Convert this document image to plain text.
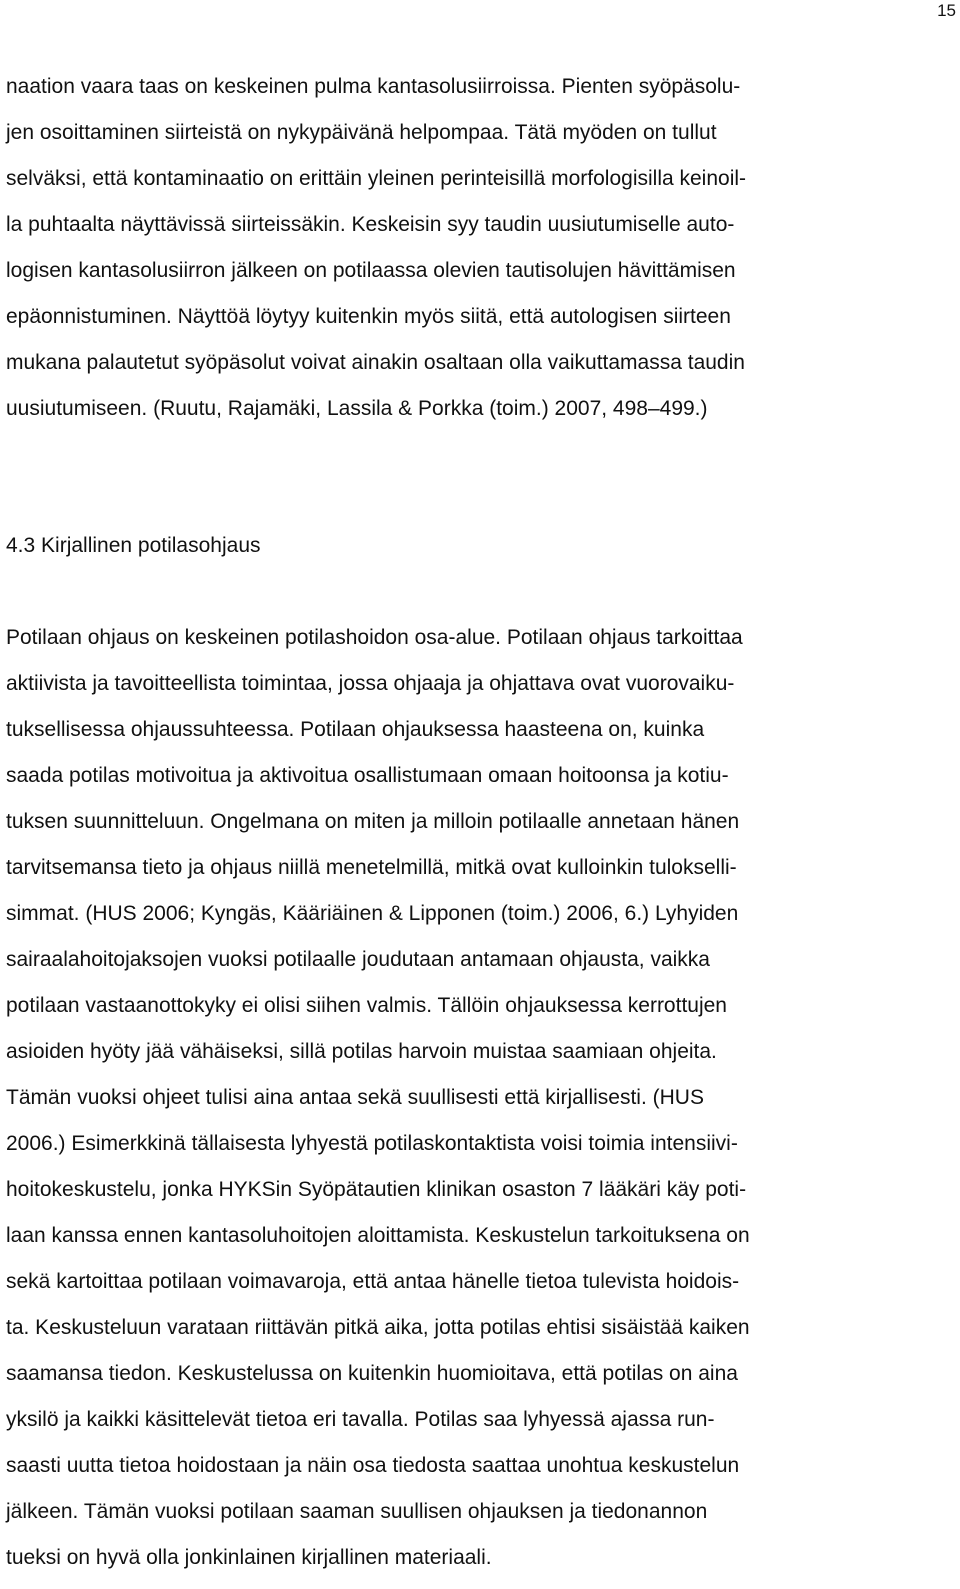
15
naation vaara taas on keskeinen pulma kantasolusiirroissa. Pienten syöpäsolu-
jen osoittaminen siirteistä on nykypäivänä helpompaa. Tätä myöden on tullut
selväksi, että kontaminaatio on erittäin yleinen perinteisillä morfologisilla keinoil-
la puhtaalta näyttävissä siirteissäkin. Keskeisin syy taudin uusiutumiselle auto-
logisen kantasolusiirron jälkeen on potilaassa olevien tautisolujen hävittämisen
epäonnistuminen. Näyttöä löytyy kuitenkin myös siitä, että autologisen siirteen
mukana palautetut syöpäsolut voivat ainakin osaltaan olla vaikuttamassa taudin
uusiutumiseen. (Ruutu, Rajamäki, Lassila & Porkka (toim.) 2007, 498–499.)
4.3 Kirjallinen potilasohjaus
Potilaan ohjaus on keskeinen potilashoidon osa-alue. Potilaan ohjaus tarkoittaa
aktiivista ja tavoitteellista toimintaa, jossa ohjaaja ja ohjattava ovat vuorovaiku-
tuksellisessa ohjaussuhteessa. Potilaan ohjauksessa haasteena on, kuinka
saada potilas motivoitua ja aktivoitua osallistumaan omaan hoitoonsa ja kotiu-
tuksen suunnitteluun. Ongelmana on miten ja milloin potilaalle annetaan hänen
tarvitsemansa tieto ja ohjaus niillä menetelmillä, mitkä ovat kulloinkin tulokselli-
simmat. (HUS 2006; Kyngäs, Kääriäinen & Lipponen (toim.) 2006, 6.) Lyhyiden
sairaalahoitojaksojen vuoksi potilaalle joudutaan antamaan ohjausta, vaikka
potilaan vastaanottokyky ei olisi siihen valmis. Tällöin ohjauksessa kerrottujen
asioiden hyöty jää vähäiseksi, sillä potilas harvoin muistaa saamiaan ohjeita.
Tämän vuoksi ohjeet tulisi aina antaa sekä suullisesti että kirjallisesti. (HUS
2006.) Esimerkkinä tällaisesta lyhyestä potilaskontaktista voisi toimia intensiivi-
hoitokeskustelu, jonka HYKSin Syöpätautien klinikan osaston 7 lääkäri käy poti-
laan kanssa ennen kantasoluhoitojen aloittamista. Keskustelun tarkoituksena on
sekä kartoittaa potilaan voimavaroja, että antaa hänelle tietoa tulevista hoidois-
ta. Keskusteluun varataan riittävän pitkä aika, jotta potilas ehtisi sisäistää kaiken
saamansa tiedon. Keskustelussa on kuitenkin huomioitava, että potilas on aina
yksilö ja kaikki käsittelevät tietoa eri tavalla. Potilas saa lyhyessä ajassa run-
saasti uutta tietoa hoidostaan ja näin osa tiedosta saattaa unohtua keskustelun
jälkeen. Tämän vuoksi potilaan saaman suullisen ohjauksen ja tiedonannon
tueksi on hyvä olla jonkinlainen kirjallinen materiaali.
